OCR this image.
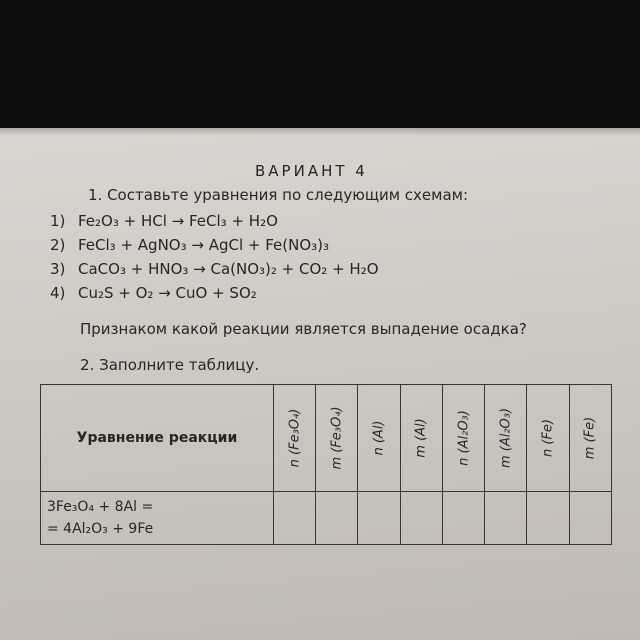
ВАРИАНТ 4
1. Составьте уравнения по следующим схемам:
1) Fe₂O₃ + HCl → FeCl₃ + H₂O
2) FeCl₃ + AgNO₃ → AgCl + Fe(NO₃)₃
3) CaCO₃ + HNO₃ → Ca(NO₃)₂ + CO₂ + H₂O
4) Cu₂S + O₂ → CuO + SO₂
Признаком какой реакции является выпадение осадка?
2. Заполните таблицу.
Уравнение реакции	n (Fe₃O₄)	m (Fe₃O₄)	n (Al)	m (Al)	n (Al₂O₃)	m (Al₂O₃)	n (Fe)	m (Fe)

3Fe₃O₄ + 8Al =
= 4Al₂O₃ + 9Fe								
